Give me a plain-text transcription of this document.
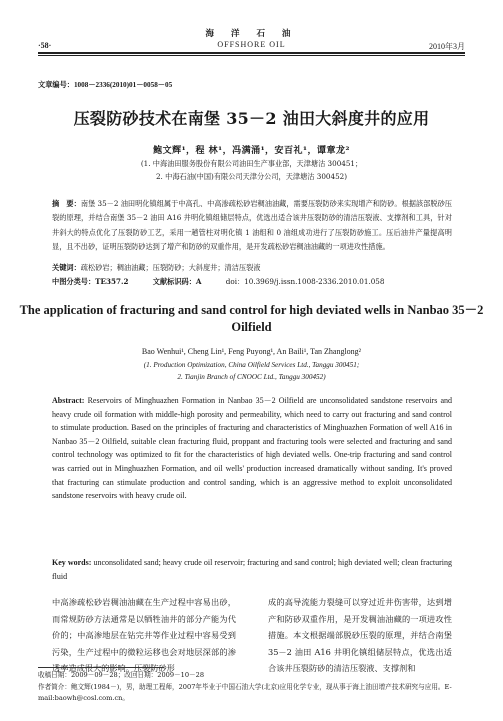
海 洋 石 油
OFFSHORE OIL
·58·	2010年3月
文章编号：1008－2336(2010)01－0058－05
压裂防砂技术在南堡 35－2 油田大斜度井的应用
鲍文辉¹，程 林¹，冯满涌¹，安百礼¹，谭章龙²
(1. 中海油田服务股份有限公司油田生产事业部，天津塘沽 300451；
2. 中海石油(中国)有限公司天津分公司，天津塘沽 300452)
摘　要：南堡 35－2 油田明化镇组属于中高孔、中高渗疏松砂岩稠油油藏，需要压裂防砂来实现增产和防砂。根据該部脱砂压裂的原理，并结合南堡 35－2 油田 A16 井明化镇组储层特点，优选出适合该井压裂防砂的清洁压裂液、支撑剂和工具，针对井斜大的特点优化了压裂防砂工艺，采用一趟管柱对明化镇 1 油组和 0 油组成功进行了压裂防砂施工。压后油井产量提高明显，且不出砂，证明压裂防砂达到了增产和防砂的双重作用，是开发疏松砂岩稠油油藏的一项进攻性措施。
关键词：疏松砂岩；稠油油藏；压裂防砂；大斜度井；清洁压裂液
中图分类号：TE357.2	文献标识码：A	doi：10.3969/j.issn.1008-2336.2010.01.058
The application of fracturing and sand control for high deviated wells in Nanbao 35－2 Oilfield
Bao Wenhui¹, Cheng Lin¹, Feng Puyong¹, An Baili¹, Tan Zhanglong²
(1. Production Optimization, China Oilfield Services Ltd., Tanggu 300451;
2. Tianjin Branch of CNOOC Ltd., Tanggu 300452)
Abstract: Reservoirs of Minghuazhen Formation in Nanbao 35－2 Oilfield are unconsolidated sandstone reservoirs and heavy crude oil formation with middle-high porosity and permeability, which need to carry out fracturing and sand control to stimulate production. Based on the principles of fracturing and characteristics of Minghuazhen Formation of well A16 in Nanbao 35－2 Oilfield, suitable clean fracturing fluid, proppant and fracturing tools were selected and fracturing and sand control technology was optimized to fit for the characteristics of high deviated wells. One-trip fracturing and sand control was carried out in Minghuazhen Formation, and oil wells' production increased dramatically without sanding. It's proved that fracturing can stimulate production and control sanding, which is an aggressive method to exploit unconsolidated sandstone reservoirs with heavy crude oil.
Key words: unconsolidated sand; heavy crude oil reservoir; fracturing and sand control; high deviated well; clean fracturing fluid
中高渗疏松砂岩稠油油藏在生产过程中容易出砂，而常规防砂方法通常是以牺牲油井的部分产能为代价的；中高渗地层在钻完井等作业过程中容易受到污染，生产过程中的微粒运移也会对地层深部的渗透率造成很大的影响。压裂防砂形
成的高导流能力裂缝可以穿过近井伤害带，达到增产和防砂双重作用，是开发稠油油藏的一项进攻性措施。本文根据端部脱砂压裂的原理，并结合南堡 35－2 油田 A16 井明化镇组储层特点，优选出适合该井压裂防砂的清洁压裂液、支撑剂和
收稿日期：2009－09－28；改回日期：2009－10－28
作者简介：鲍文辉(1984－)，男，助理工程师，2007年毕业于中国石油大学(北京)应用化学专业，现从事于海上油田增产技术研究与应用。E-mail:baowh@cosl.com.cn。
